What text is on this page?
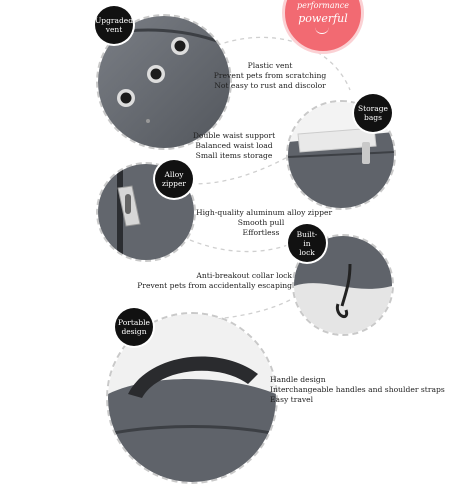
performance
powerful
Upgraded
vent
Plastic vent
Prevent pets from scratching
Not easy to rust and discolor
Storage
bags
Double waist support
Balanced waist load
Small items storage
Alloy
zipper
High-quality aluminum alloy zipper
Smooth pull
Effortless	Built-in
lock
Anti-breakout collar lock
Prevent pets from accidentally escaping
Portable
design
Handle design
Interchangeable handles and shoulder straps
Easy travel
